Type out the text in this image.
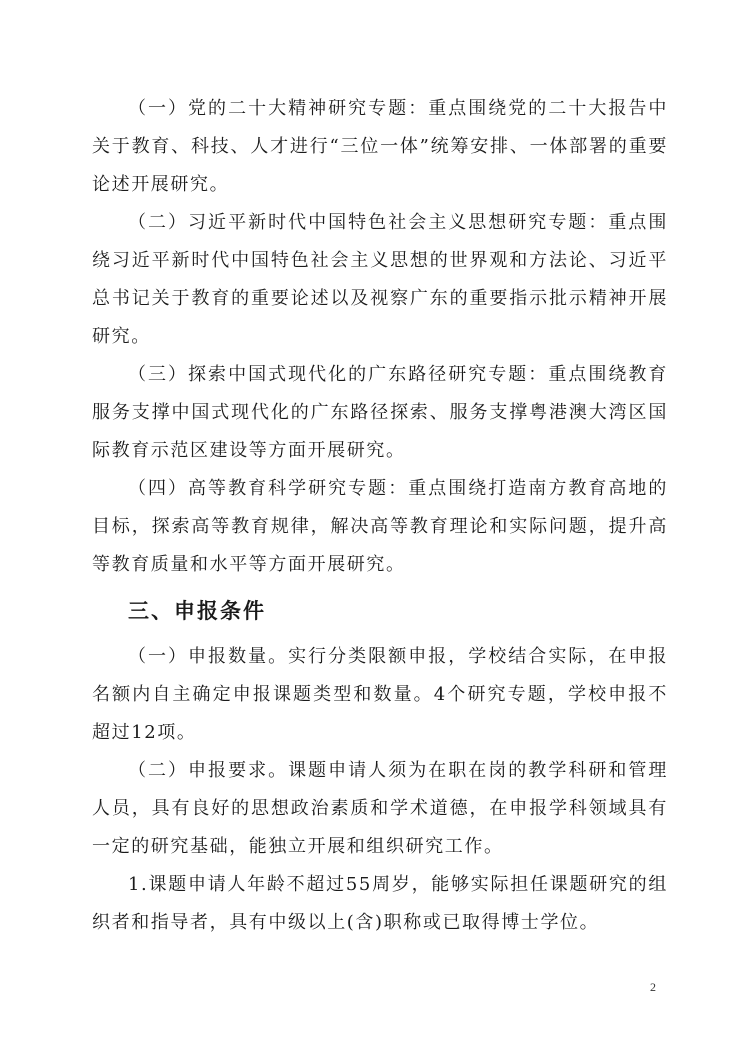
（一）党的二十大精神研究专题：重点围绕党的二十大报告中关于教育、科技、人才进行“三位一体”统筹安排、一体部署的重要论述开展研究。

（二）习近平新时代中国特色社会主义思想研究专题：重点围绕习近平新时代中国特色社会主义思想的世界观和方法论、习近平总书记关于教育的重要论述以及视察广东的重要指示批示精神开展研究。

（三）探索中国式现代化的广东路径研究专题：重点围绕教育服务支撑中国式现代化的广东路径探索、服务支撑粤港澳大湾区国际教育示范区建设等方面开展研究。

（四）高等教育科学研究专题：重点围绕打造南方教育高地的目标，探索高等教育规律，解决高等教育理论和实际问题，提升高等教育质量和水平等方面开展研究。

三、申报条件

（一）申报数量。实行分类限额申报，学校结合实际，在申报名额内自主确定申报课题类型和数量。4个研究专题，学校申报不超过12项。

（二）申报要求。课题申请人须为在职在岗的教学科研和管理人员，具有良好的思想政治素质和学术道德，在申报学科领域具有一定的研究基础，能独立开展和组织研究工作。

1.课题申请人年龄不超过55周岁，能够实际担任课题研究的组织者和指导者，具有中级以上(含)职称或已取得博士学位。

2
